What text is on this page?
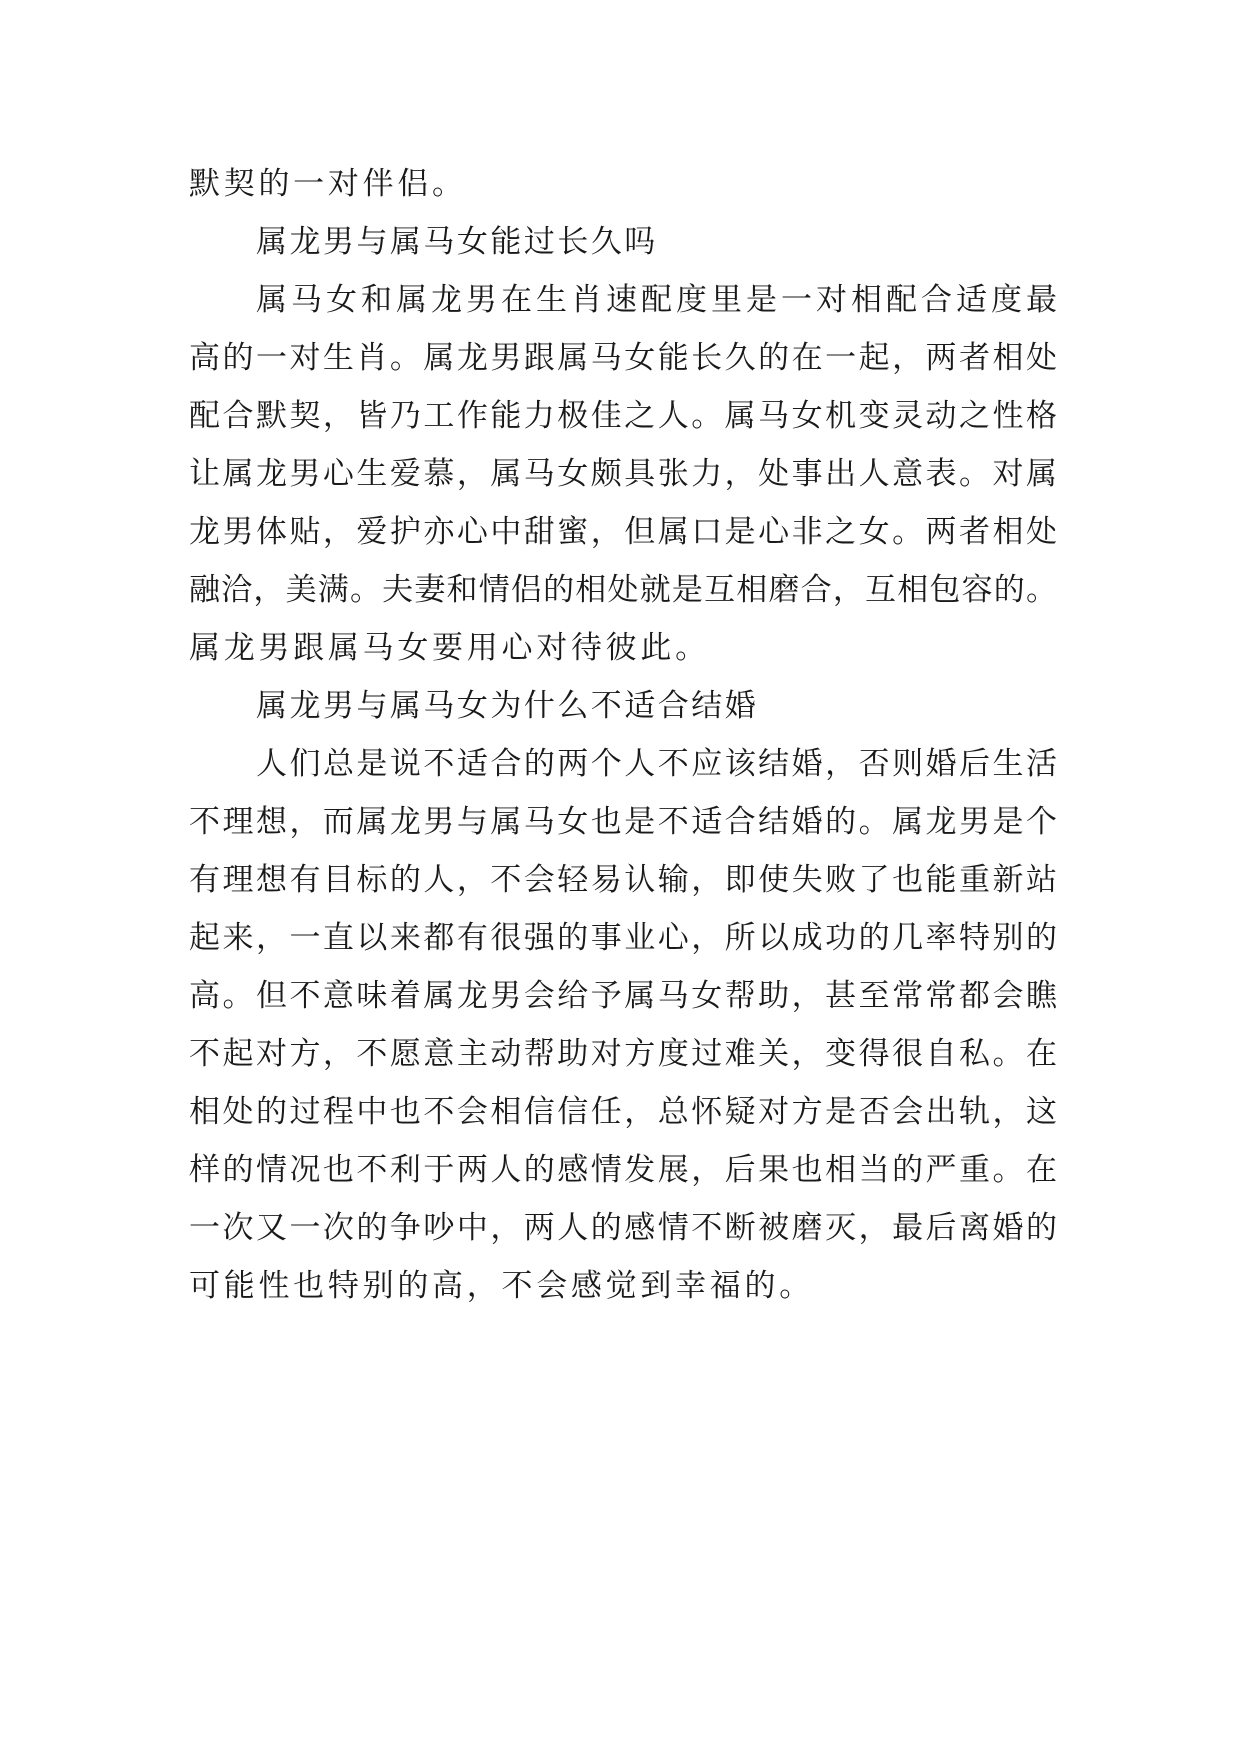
默契的一对伴侣。
属龙男与属马女能过长久吗
属马女和属龙男在生肖速配度里是一对相配合适度最
高的一对生肖。属龙男跟属马女能长久的在一起，两者相处
配合默契，皆乃工作能力极佳之人。属马女机变灵动之性格
让属龙男心生爱慕，属马女颇具张力，处事出人意表。对属
龙男体贴，爱护亦心中甜蜜，但属口是心非之女。两者相处
融洽，美满。夫妻和情侣的相处就是互相磨合，互相包容的。
属龙男跟属马女要用心对待彼此。
属龙男与属马女为什么不适合结婚
人们总是说不适合的两个人不应该结婚，否则婚后生活
不理想，而属龙男与属马女也是不适合结婚的。属龙男是个
有理想有目标的人，不会轻易认输，即使失败了也能重新站
起来，一直以来都有很强的事业心，所以成功的几率特别的
高。但不意味着属龙男会给予属马女帮助，甚至常常都会瞧
不起对方，不愿意主动帮助对方度过难关，变得很自私。在
相处的过程中也不会相信信任，总怀疑对方是否会出轨，这
样的情况也不利于两人的感情发展，后果也相当的严重。在
一次又一次的争吵中，两人的感情不断被磨灭，最后离婚的
可能性也特别的高，不会感觉到幸福的。
